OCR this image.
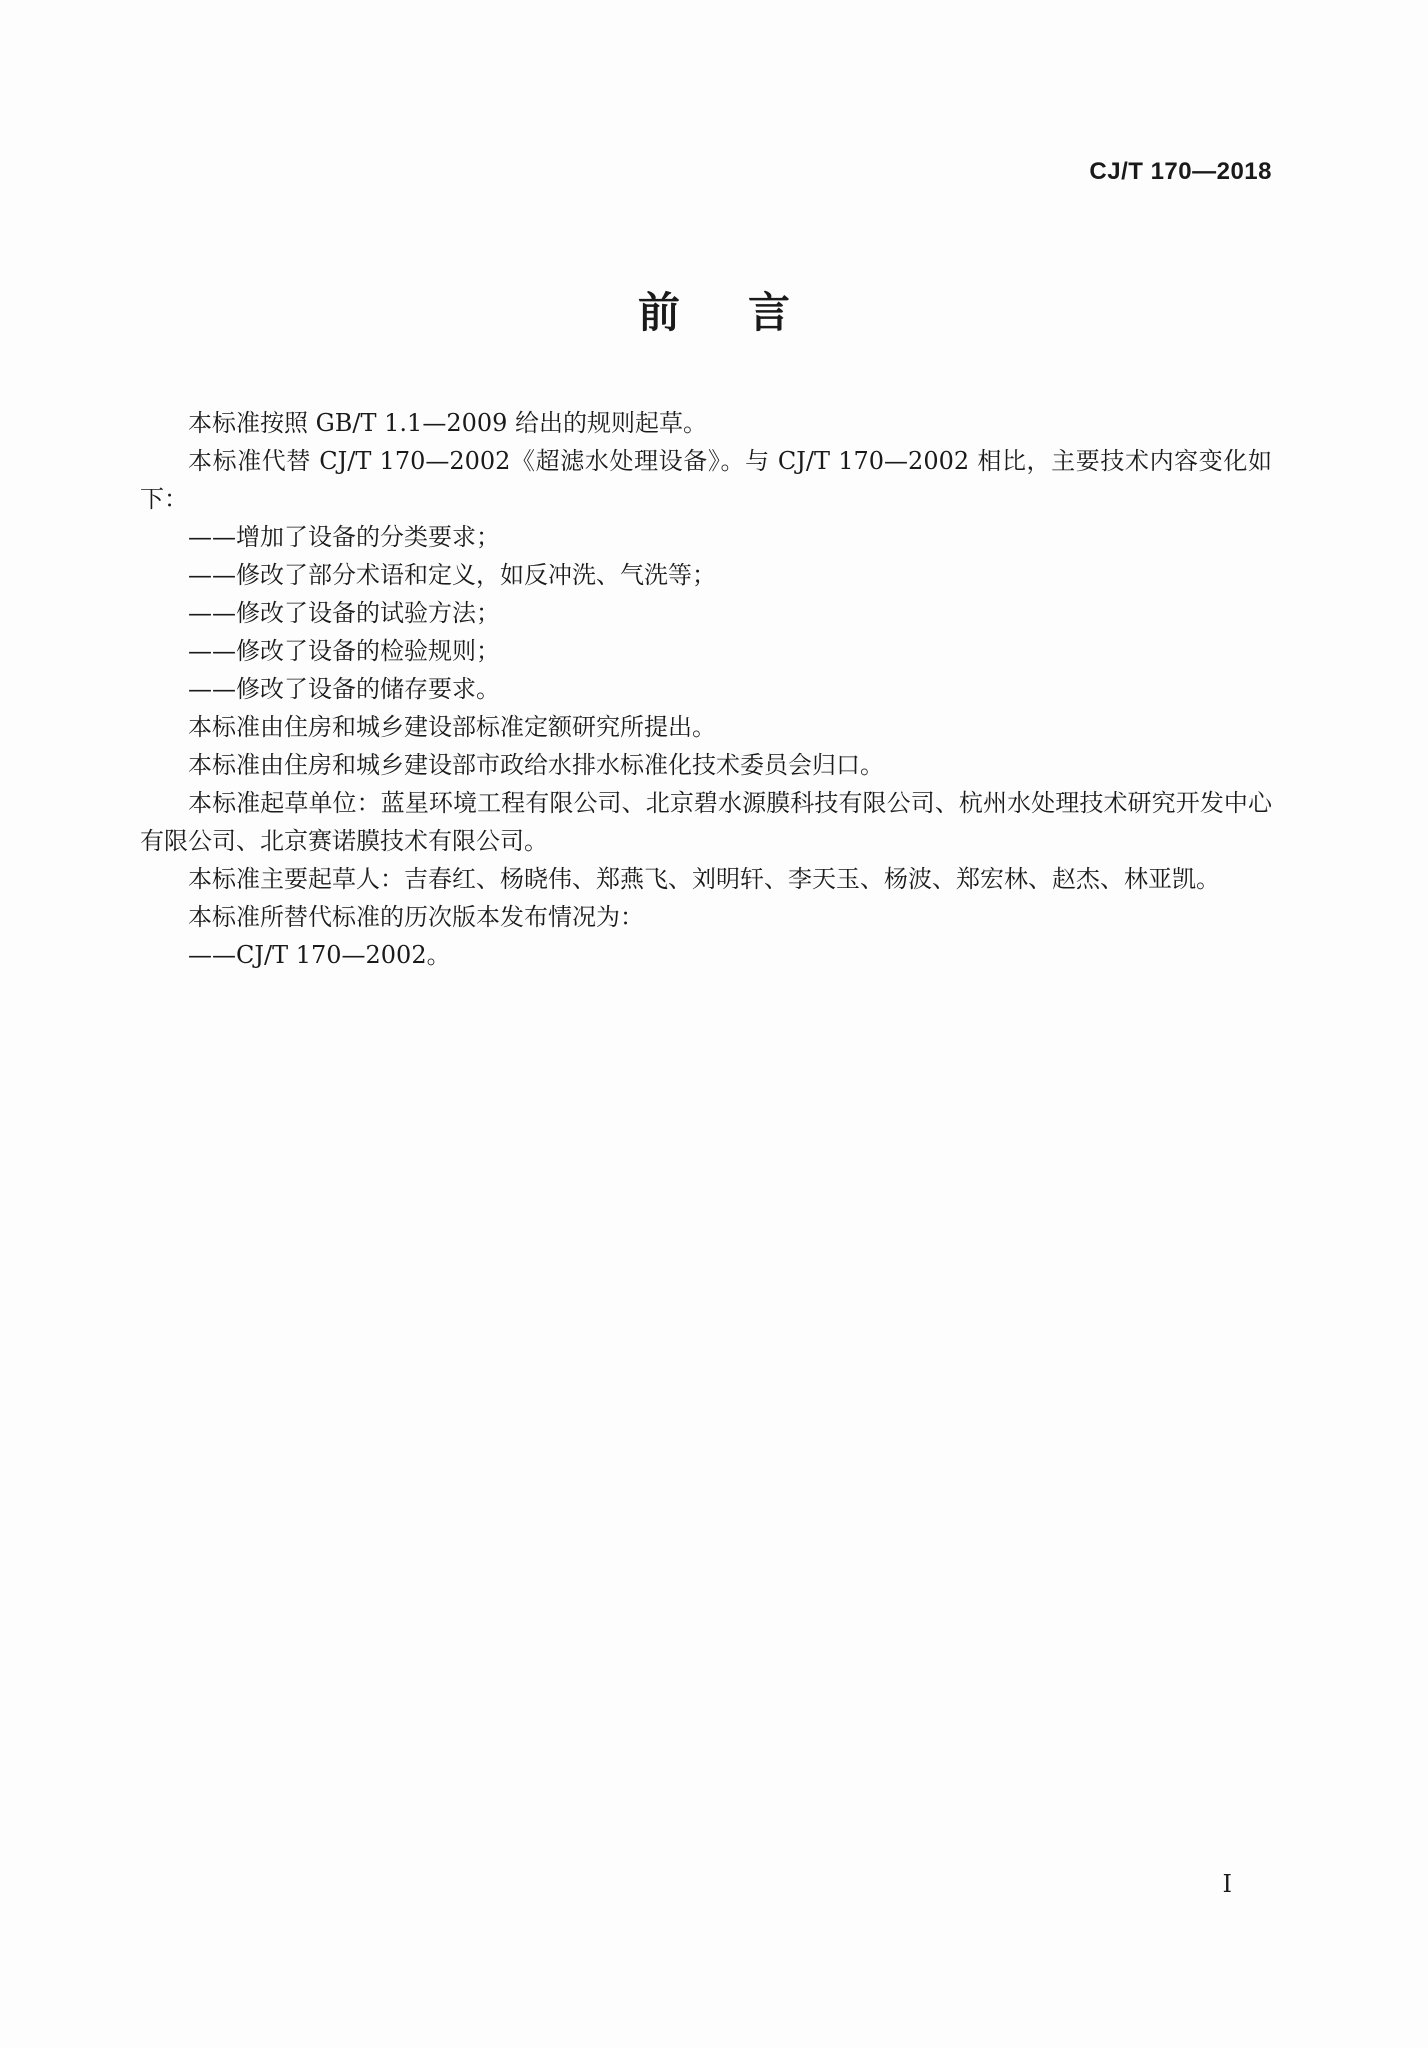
CJ/T 170—2018
前言

本标准按照 GB/T 1.1—2009 给出的规则起草。

本标准代替 CJ/T 170—2002《超滤水处理设备》。与 CJ/T 170—2002 相比，主要技术内容变化如下：

——增加了设备的分类要求；

——修改了部分术语和定义，如反冲洗、气洗等；

——修改了设备的试验方法；

——修改了设备的检验规则；

——修改了设备的储存要求。

本标准由住房和城乡建设部标准定额研究所提出。

本标准由住房和城乡建设部市政给水排水标准化技术委员会归口。

本标准起草单位：蓝星环境工程有限公司、北京碧水源膜科技有限公司、杭州水处理技术研究开发中心有限公司、北京赛诺膜技术有限公司。

本标准主要起草人：吉春红、杨晓伟、郑燕飞、刘明轩、李天玉、杨波、郑宏林、赵杰、林亚凯。

本标准所替代标准的历次版本发布情况为：

——CJ/T 170—2002。

I
